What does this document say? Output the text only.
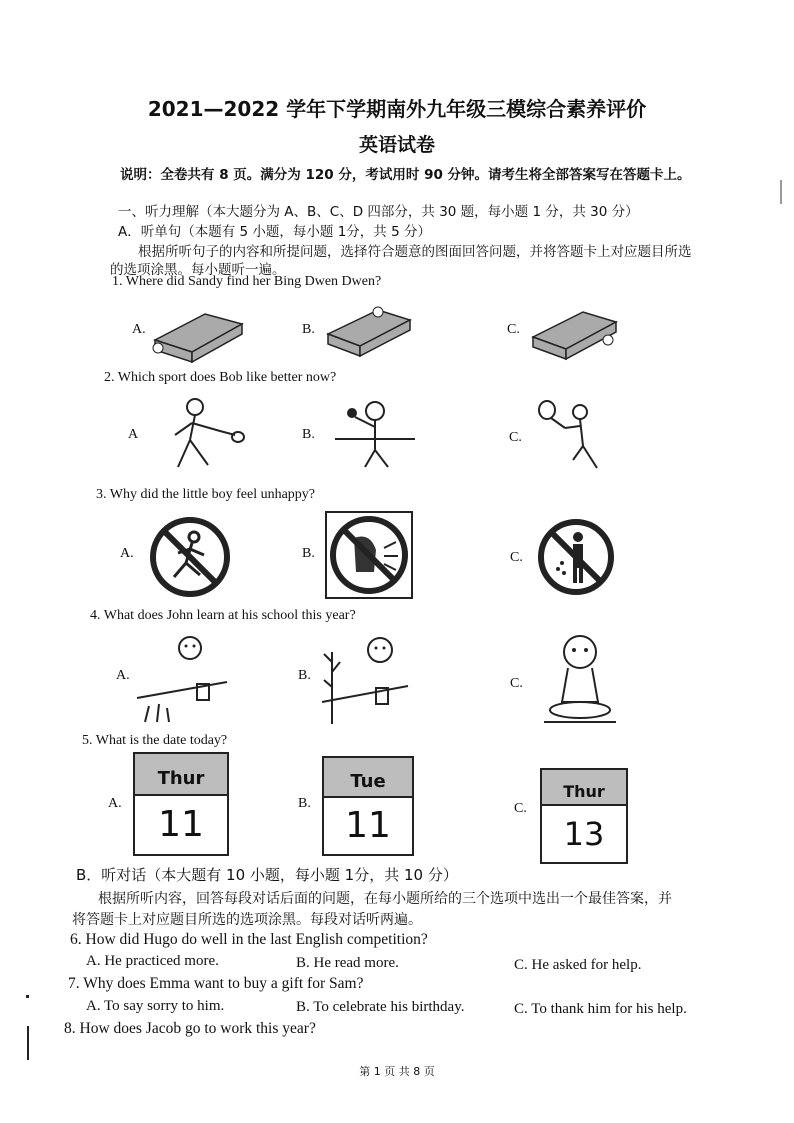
2021—2022 学年下学期南外九年级三模综合素养评价
英语试卷
说明：全卷共有 8 页。满分为 120 分，考试用时 90 分钟。请考生将全部答案写在答题卡上。
一、听力理解（本大题分为 A、B、C、D 四部分，共 30 题，每小题 1 分，共 30 分）
A．听单句（本题有 5 小题，每小题 1分，共 5 分）
根据所听句子的内容和所提问题，选择符合题意的图面回答问题，并将答题卡上对应题目所选
的选项涂黑。每小题听一遍。
1. Where did Sandy find her Bing Dwen Dwen?
A.	B.	C.
2. Which sport does Bob like better now?
A	B.	C.
3. Why did the little boy feel unhappy?
A.	B.	C.
4. What does John learn at his school this year?
A.	B.
C.
5. What is the date today?
A.	B.	C.
Thur
11
Tue
11
Thur
13
B．听对话（本大题有 10 小题，每小题 1分，共 10 分）
根据所听内容，回答每段对话后面的问题，在每小题所给的三个选项中选出一个最佳答案，并
将答题卡上对应题目所选的选项涂黑。每段对话听两遍。
6. How did Hugo do well in the last English competition?
A. He practiced more.	B. He read more.	C. He asked for help.
7. Why does Emma want to buy a gift for Sam?
A. To say sorry to him.	B. To celebrate his birthday.	C. To thank him for his help.
8. How does Jacob go to work this year?
第 1 页 共 8 页
